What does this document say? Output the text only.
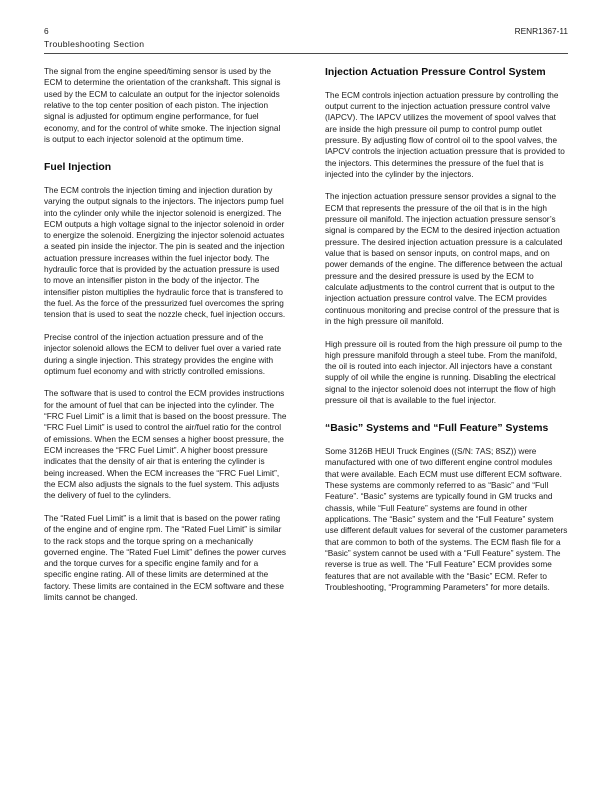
6	RENR1367-11
Troubleshooting Section

The signal from the engine speed/timing sensor is used by the ECM to determine the orientation of the crankshaft. This signal is used by the ECM to calculate an output for the injector solenoids relative to the top center position of each piston. The injection signal is adjusted for optimum engine performance, for fuel economy, and for the control of white smoke. The injection signal is output to each injector solenoid at the optimum time.

Fuel Injection

The ECM controls the injection timing and injection duration by varying the output signals to the injectors. The injectors pump fuel into the cylinder only while the injector solenoid is energized. The ECM outputs a high voltage signal to the injector solenoid in order to energize the solenoid. Energizing the injector solenoid actuates a seated pin inside the injector. The pin is seated and the injection actuation pressure increases within the fuel injector body. The hydraulic force that is provided by the actuation pressure is used to move an intensifier piston in the body of the injector. The intensifier piston multiplies the hydraulic force that is transfered to the fuel. As the force of the pressurized fuel overcomes the spring tension that is used to seat the nozzle check, fuel injection occurs.

Precise control of the injection actuation pressure and of the injector solenoid allows the ECM to deliver fuel over a varied rate during a single injection. This strategy provides the engine with optimum fuel economy and with strictly controlled emissions.

The software that is used to control the ECM provides instructions for the amount of fuel that can be injected into the cylinder. The “FRC Fuel Limit” is a limit that is based on the boost pressure. The “FRC Fuel Limit” is used to control the air/fuel ratio for the control of emissions. When the ECM senses a higher boost pressure, the ECM increases the “FRC Fuel Limit”. A higher boost pressure indicates that the density of air that is entering the cylinder is being increased. When the ECM increases the “FRC Fuel Limit”, the ECM also adjusts the signals to the fuel system. This adjusts the delivery of fuel to the cylinders.

The “Rated Fuel Limit” is a limit that is based on the power rating of the engine and of engine rpm. The “Rated Fuel Limit” is similar to the rack stops and the torque spring on a mechanically governed engine. The “Rated Fuel Limit” defines the power curves and the torque curves for a specific engine family and for a specific engine rating. All of these limits are determined at the factory. These limits are contained in the ECM software and these limits cannot be changed.

Injection Actuation Pressure Control System

The ECM controls injection actuation pressure by controlling the output current to the injection actuation pressure control valve (IAPCV). The IAPCV utilizes the movement of spool valves that are inside the high pressure oil pump to control pump outlet pressure. By adjusting flow of control oil to the spool valves, the IAPCV controls the injection actuation pressure that is provided to the injectors. This determines the pressure of the fuel that is injected into the cylinder by the injectors.

The injection actuation pressure sensor provides a signal to the ECM that represents the pressure of the oil that is in the high pressure oil manifold. The injection actuation pressure sensor’s signal is compared by the ECM to the desired injection actuation pressure. The desired injection actuation pressure is a calculated value that is based on sensor inputs, on control maps, and on power demands of the engine. The difference between the actual pressure and the desired pressure is used by the ECM to calculate adjustments to the control current that is output to the injection actuation pressure control valve. The ECM provides continuous monitoring and precise control of the pressure that is in the high pressure oil manifold.

High pressure oil is routed from the high pressure oil pump to the high pressure manifold through a steel tube. From the manifold, the oil is routed into each injector. All injectors have a constant supply of oil while the engine is running. Disabling the electrical signal to the injector solenoid does not interrupt the flow of high pressure oil that is available to the fuel injector.

“Basic” Systems and “Full Feature” Systems

Some 3126B HEUI Truck Engines ((S/N: 7AS; 8SZ)) were manufactured with one of two different engine control modules that were available. Each ECM must use different ECM software. These systems are commonly referred to as “Basic” and “Full Feature”. “Basic” systems are typically found in GM trucks and chassis, while “Full Feature” systems are found in other applications. The “Basic” system and the “Full Feature” system use different default values for several of the customer parameters that are common to both of the systems. The ECM flash file for a “Basic” system cannot be used with a “Full Feature” system. The reverse is true as well. The “Full Feature” ECM provides some features that are not available with the “Basic” ECM. Refer to Troubleshooting, “Programming Parameters” for more details.
